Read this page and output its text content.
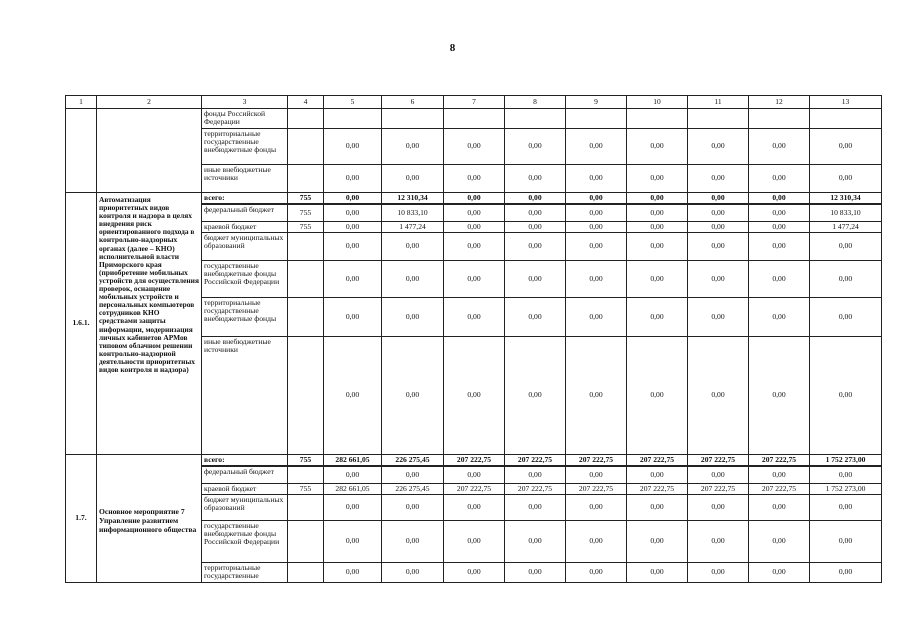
8
1	2	3	4	5	6	7	8	9	10	11	12	13
		фонды Российской Федерации										
		территориальные государственные внебюджетные фонды		0,00	0,00	0,00	0,00	0,00	0,00	0,00	0,00	0,00
		иные внебюджетные источники		0,00	0,00	0,00	0,00	0,00	0,00	0,00	0,00	0,00
1.6.1.	Автоматизация приоритетных видов контроля и надзора в целях внедрения риск ориентированного подхода в контрольно-надзорных органах (далее – КНО) исполнительной власти Приморского края (приобретение мобильных устройств для осуществления проверок, оснащение мобильных устройств и персональных компьютеров сотрудников КНО средствами защиты информации, модернизация личных кабинетов АРМов типовом облачном решении контрольно-надзорной деятельности приоритетных видов контроля и надзора)	всего:	755	0,00	12 310,34	0,00	0,00	0,00	0,00	0,00	0,00	12 310,34
		федеральный бюджет	755	0,00	10 833,10	0,00	0,00	0,00	0,00	0,00	0,00	10 833,10
		краевой бюджет	755	0,00	1 477,24	0,00	0,00	0,00	0,00	0,00	0,00	1 477,24
		бюджет муниципальных образований		0,00	0,00	0,00	0,00	0,00	0,00	0,00	0,00	0,00
		государственные внебюджетные фонды Российской Федерации		0,00	0,00	0,00	0,00	0,00	0,00	0,00	0,00	0,00
		территориальные государственные внебюджетные фонды		0,00	0,00	0,00	0,00	0,00	0,00	0,00	0,00	0,00
		иные внебюджетные источники		0,00	0,00	0,00	0,00	0,00	0,00	0,00	0,00	0,00
1.7.	Основное мероприятие 7 Управление развитием информационного общества	всего:	755	282 661,05	226 275,45	207 222,75	207 222,75	207 222,75	207 222,75	207 222,75	207 222,75	1 752 273,00
		федеральный бюджет		0,00	0,00	0,00	0,00	0,00	0,00	0,00	0,00	0,00
		краевой бюджет	755	282 661,05	226 275,45	207 222,75	207 222,75	207 222,75	207 222,75	207 222,75	207 222,75	1 752 273,00
		бюджет муниципальных образований		0,00	0,00	0,00	0,00	0,00	0,00	0,00	0,00	0,00
		государственные внебюджетные фонды Российской Федерации		0,00	0,00	0,00	0,00	0,00	0,00	0,00	0,00	0,00
		территориальные государственные		0,00	0,00	0,00	0,00	0,00	0,00	0,00	0,00	0,00
